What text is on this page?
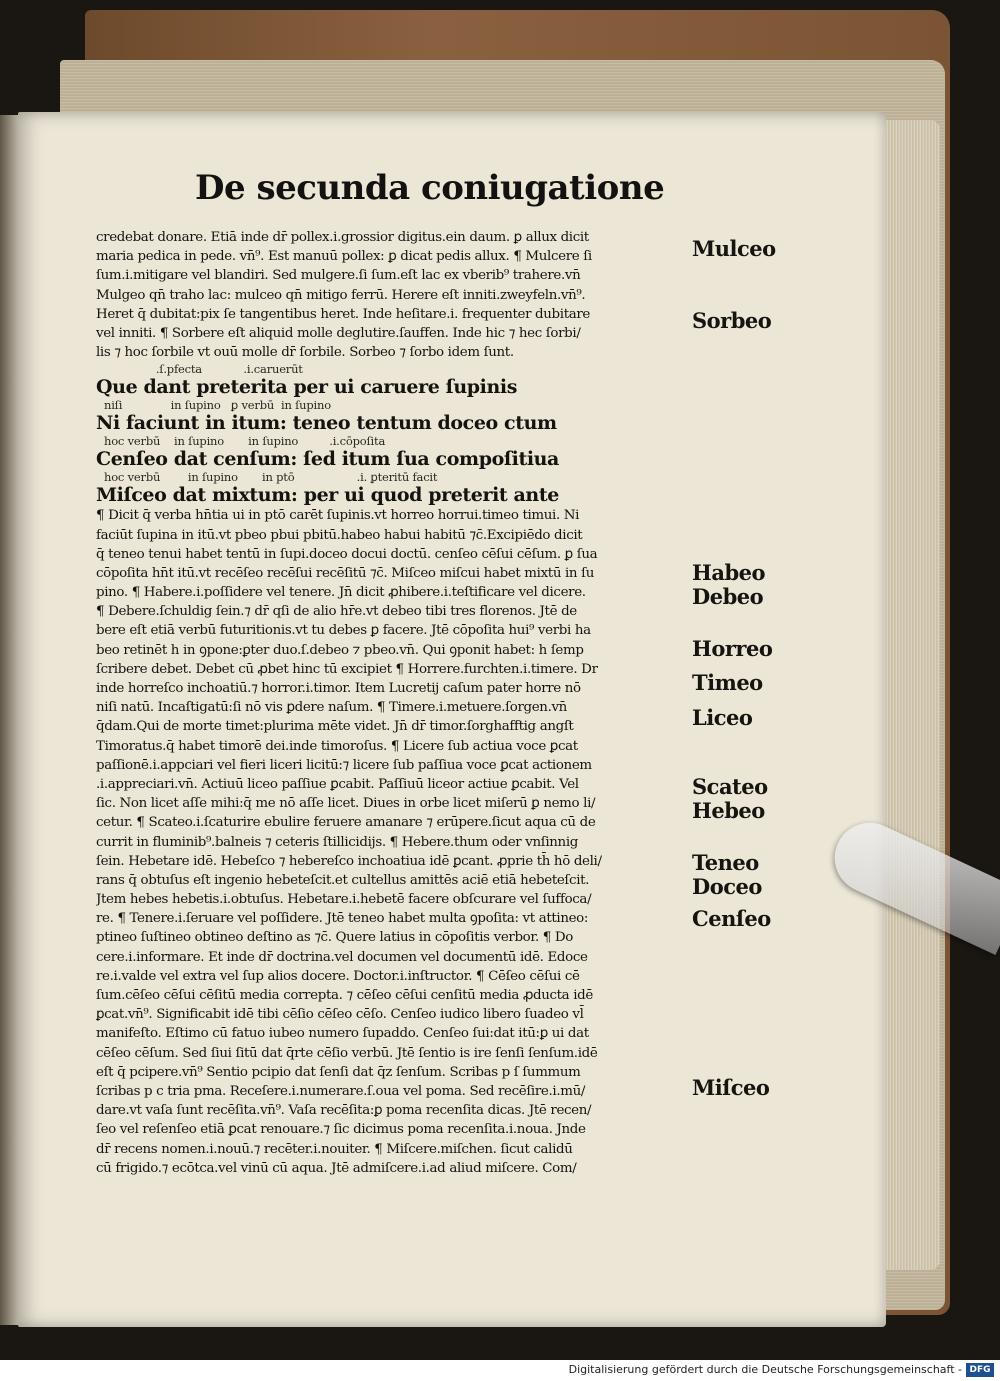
De secunda coniugatione
credebat donare. Etiā inde dr̄ pollex.i.grossior digitus.ein daum. ꝑ allux dicit
maria pedica in pede. vn̄⁹. Est manuū pollex: ꝑ dicat pedis allux. ¶ Mulcere ſi
ſum.i.mitigare vel blandiri. Sed mulgere.ſi ſum.eſt lac ex vberib⁹ trahere.vn̄
Mulgeo qn̄ traho lac: mulceo qn̄ mitigo ferrū. Herere eſt inniti.zweyfeln.vn̄⁹.
Heret q̄ dubitat:pix ſe tangentibus heret. Inde heſitare.i. frequenter dubitare
vel inniti. ¶ Sorbere eſt aliquid molle deglutire.ſauffen. Inde hic ⁊ hec ſorbi/
lis ⁊ hoc ſorbile vt ouū molle dr̄ ſorbile. Sorbeo ⁊ ſorbo idem ſunt.
.ſ.pfecta            .i.caruerūt
Que dant preterita per ui caruere ſupinis
niſi              in ſupino   ꝑ verbū  in ſupino
Ni faciunt in itum: teneo tentum doceo ctum
hoc verbū    in ſupino       in ſupino         .i.cōpoſita
Cenſeo dat cenſum: ſed itum ſua compoſitiua
hoc verbū        in ſupino       in ptō                  .i. ꝑteritū facit
Miſceo dat mixtum: per ui quod preterit ante
¶ Dicit q̄ verba hn̄tia ui in ptō carēt ſupinis.vt horreo horrui.timeo timui. Ni
faciūt ſupina in itū.vt pbeo pbui pbitū.habeo habui habitū ⁊c̄.Excipiēdo dicit
q̄ teneo tenui habet tentū in ſupi.doceo docui doctū. cenſeo cēſui cēſum. ꝑ ſua
cōpoſita hn̄t itū.vt recēſeo recēſui recēſitū ⁊c̄. Miſceo miſcui habet mixtū in ſu
pino. ¶ Habere.i.poſſidere vel tenere. Jn̄ dicit ꝓhibere.i.teſtificare vel dicere.
¶ Debere.ſchuldig ſein.⁊ dr̄ qſi de alio hr̄e.vt debeo tibi tres florenos. Jtē de
bere eſt etiā verbū futuritionis.vt tu debes ꝑ facere. Jtē cōpoſita hui⁹ verbi ha
beo retinēt h in ꝯpone:ꝑter duo.ſ.debeo ⁊ pbeo.vn̄. Qui ꝯponit habet: h ſemp
ſcribere debet. Debet cū ꝓbet hinc tū excipiet ¶ Horrere.furchten.i.timere. Dr
inde horreſco inchoatiū.⁊ horror.i.timor. Item Lucretij caſum pater horre nō
niſi natū. Incaſtigatū:ſi nō vis ꝑdere naſum. ¶ Timere.i.metuere.ſorgen.vn̄
q̄dam.Qui de morte timet:plurima mēte videt. Jn̄ dr̄ timor.ſorghafftig angſt
Timoratus.q̄ habet timorē dei.inde timoroſus. ¶ Licere ſub actiua voce ꝑcat
paſſionē.i.appciari vel fieri liceri licitū:⁊ licere ſub paſſiua voce ꝑcat actionem
.i.appreciari.vn̄. Actiuū liceo paſſiue ꝑcabit. Paſſiuū liceor actiue ꝑcabit. Vel
ſic. Non licet aſſe mihi:q̄ me nō aſſe licet. Diues in orbe licet miſerū ꝑ nemo li/
cetur. ¶ Scateo.i.ſcaturire ebulire feruere amanare ⁊ erūpere.ſicut aqua cū de
currit in fluminib⁹.balneis ⁊ ceteris ſtillicidijs. ¶ Hebere.thum oder vnſinnig
ſein. Hebetare idē. Hebeſco ⁊ hebereſco inchoatiua idē ꝑcant. ꝓprie th̄ hō deli/
rans q̄ obtuſus eſt ingenio hebeteſcit.et cultellus amittēs aciē etiā hebeteſcit.
Jtem hebes hebetis.i.obtuſus. Hebetare.i.hebetē facere obſcurare vel ſuffoca/
re. ¶ Tenere.i.ſeruare vel poſſidere. Jtē teneo habet multa ꝯpoſita: vt attineo:
ptineo ſuſtineo obtineo deſtino as ⁊c̄. Quere latius in cōpoſitis verbor. ¶ Do
cere.i.informare. Et inde dr̄ doctrina.vel documen vel documentū idē. Edoce
re.i.valde vel extra vel ſup alios docere. Doctor.i.inſtructor. ¶ Cēſeo cēſui cē
ſum.cēſeo cēſui cēſitū media correpta. ⁊ cēſeo cēſui cenſitū media ꝓducta idē
ꝑcat.vn̄⁹. Significabit idē tibi cēſio cēſeo cēſo. Cenſeo iudico libero ſuadeo vl̄
manifeſto. Eſtimo cū fatuo iubeo numero ſupaddo. Cenſeo ſui:dat itū:ꝑ ui dat
cēſeo cēſum. Sed ſiui ſitū dat q̄rte cēſio verbū. Jtē ſentio is ire ſenſi ſenſum.idē
eſt q̄ pcipere.vn̄⁹ Sentio pcipio dat ſenſi dat q̄z ſenſum. Scribas p ſ ſummum
ſcribas p c tria pma. Receſere.i.numerare.ſ.oua vel poma. Sed recēſire.i.mū/
dare.vt vaſa ſunt recēſita.vn̄⁹. Vaſa recēſita:ꝑ poma recenſita dicas. Jtē recen/
ſeo vel reſenſeo etiā ꝑcat renouare.⁊ ſic dicimus poma recenſita.i.noua. Jnde
dr̄ recens nomen.i.nouū.⁊ recēter.i.nouiter. ¶ Miſcere.miſchen. ſicut calidū
cū frigido.⁊ ecōtca.vel vinū cū aqua. Jtē admiſcere.i.ad aliud miſcere. Com/
Mulceo
Sorbeo
Habeo
Debeo
Horreo
Timeo
Liceo
Scateo
Hebeo
Teneo
Doceo
Cenſeo
Miſceo
Digitalisierung gefördert durch die Deutsche Forschungsgemeinschaft - DFG
